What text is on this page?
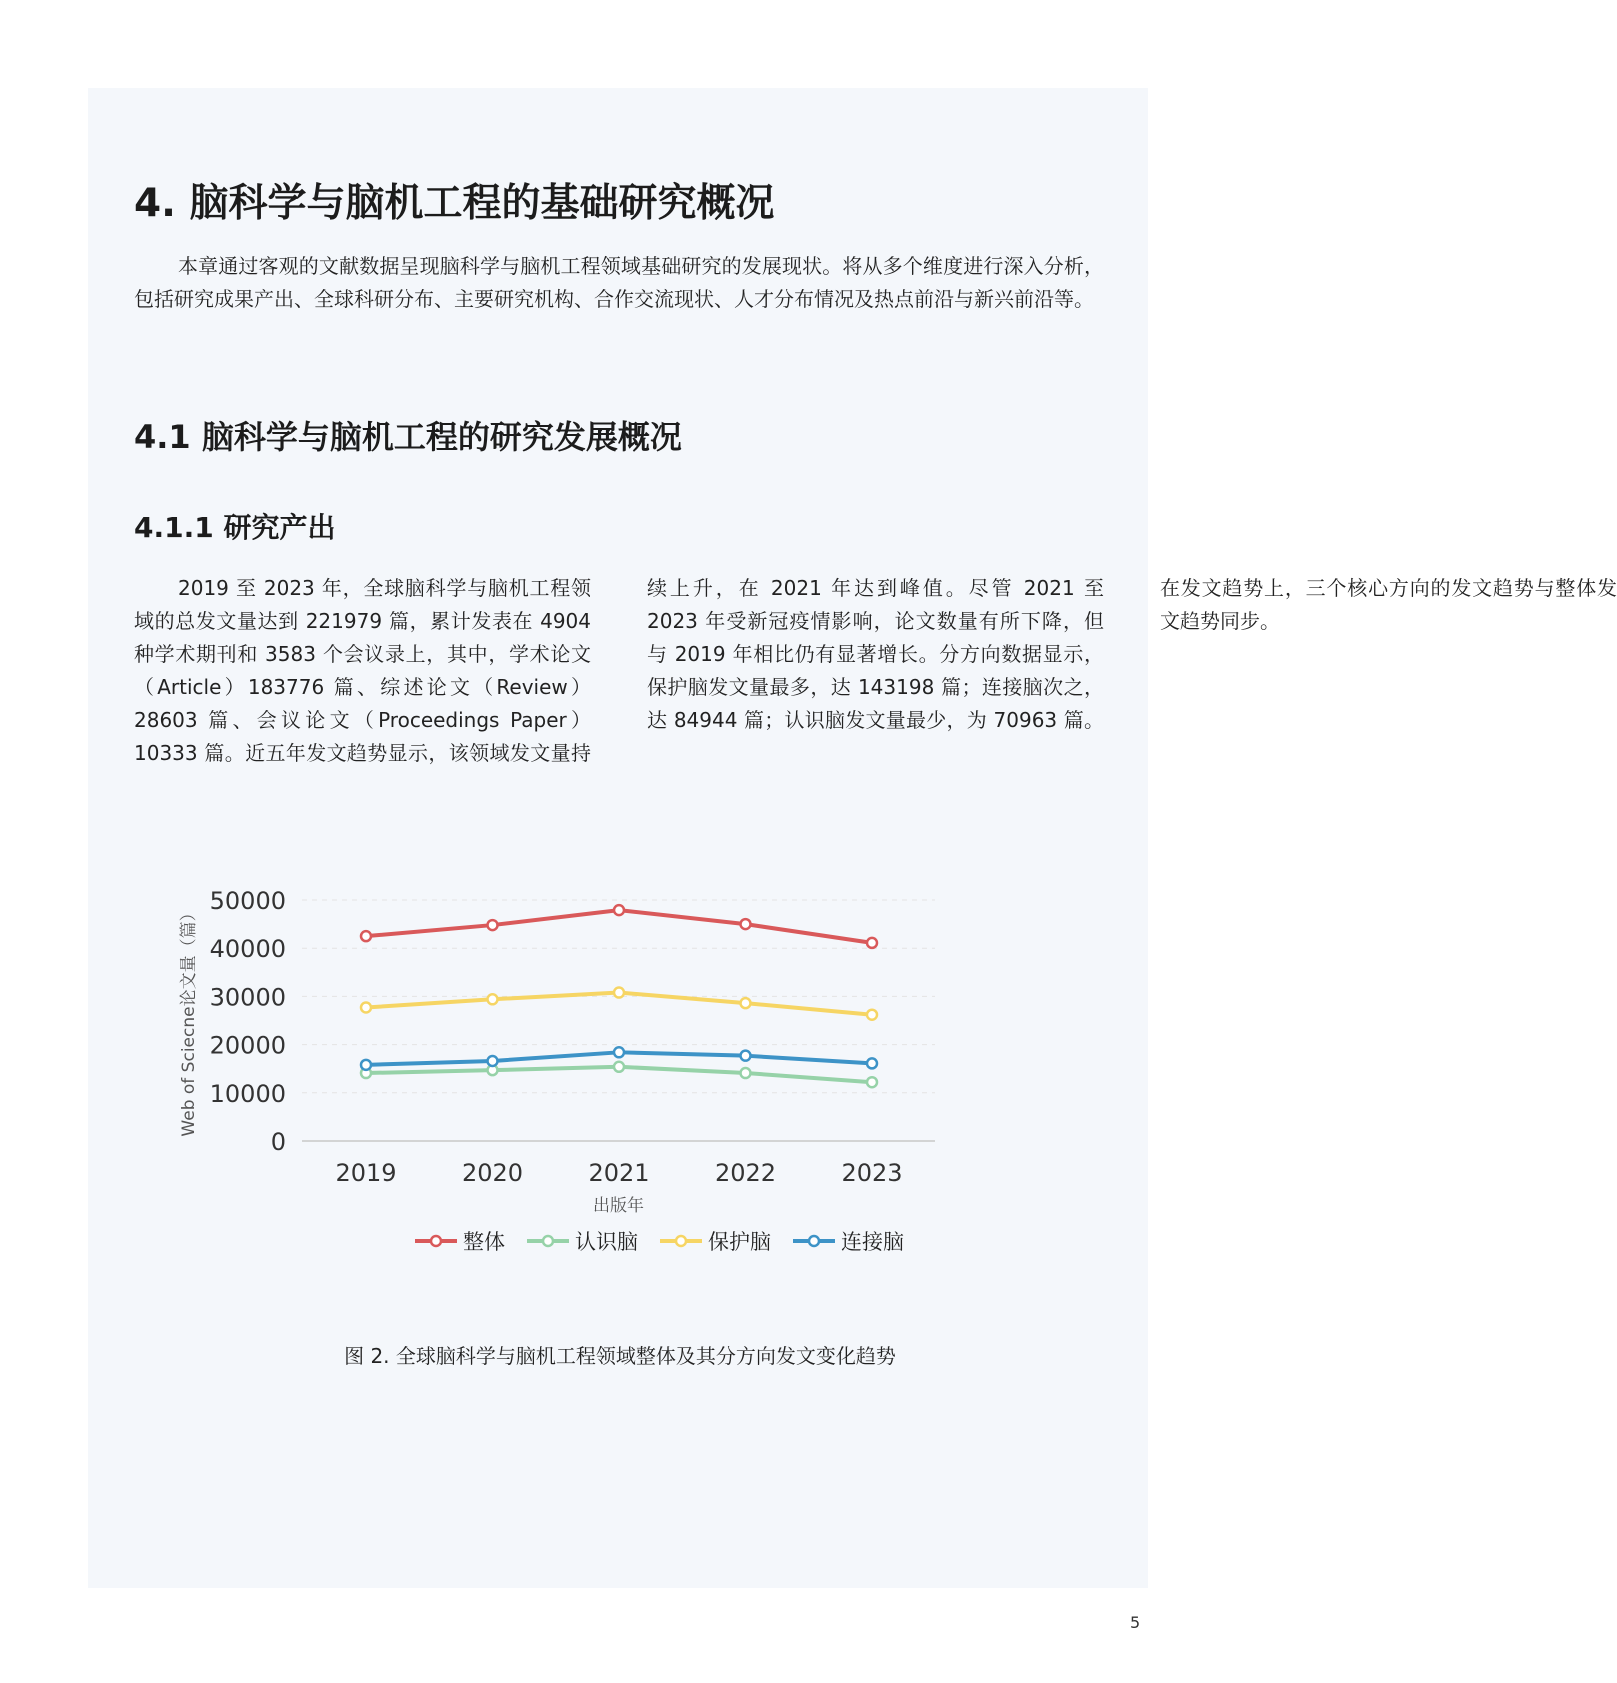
4. 脑科学与脑机工程的基础研究概况

本章通过客观的文献数据呈现脑科学与脑机工程领域基础研究的发展现状。将从多个维度进行深入分析，包括研究成果产出、全球科研分布、主要研究机构、合作交流现状、人才分布情况及热点前沿与新兴前沿等。

4.1 脑科学与脑机工程的研究发展概况
4.1.1 研究产出

2019 至 2023 年，全球脑科学与脑机工程领域的总发文量达到 221979 篇，累计发表在 4904 种学术期刊和 3583 个会议录上，其中，学术论文（Article）183776 篇、综述论文（Review）28603 篇、会议论文（Proceedings Paper）10333 篇。近五年发文趋势显示，该领域发文量持续上升，在 2021 年达到峰值。尽管 2021 至 2023 年受新冠疫情影响，论文数量有所下降，但与 2019 年相比仍有显著增长。分方向数据显示，保护脑发文量最多，达 143198 篇；连接脑次之，达 84944 篇；认识脑发文量最少，为 70963 篇。在发文趋势上，三个核心方向的发文趋势与整体发文趋势同步。

0
10000
20000
30000
40000
50000
2019	2020	2021	2022	2023
Web of Sciecne论文量（篇）
出版年
整体	认识脑	保护脑	连接脑
图 2. 全球脑科学与脑机工程领域整体及其分方向发文变化趋势
5
